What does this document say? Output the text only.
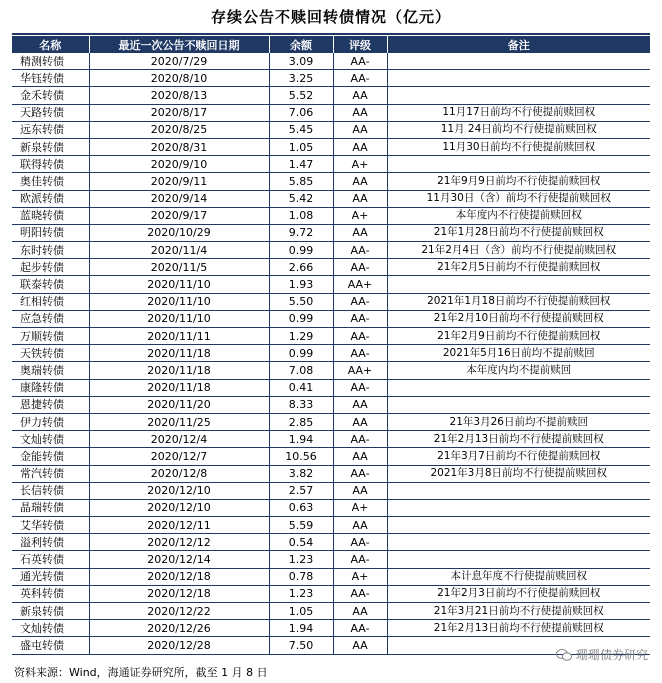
存续公告不赎回转债情况（亿元）
名称	最近一次公告不赎回日期	余额	评级	备注
精测转债	2020/7/29	3.09	AA-	
华钰转债	2020/8/10	3.25	AA-	
金禾转债	2020/8/13	5.52	AA	
天路转债	2020/8/17	7.06	AA	11月17日前均不行使提前赎回权
远东转债	2020/8/25	5.45	AA	11月 24日前均不行使提前赎回权
新泉转债	2020/8/31	1.05	AA	11月30日前均不行使提前赎回权
联得转债	2020/9/10	1.47	A+	
奥佳转债	2020/9/11	5.85	AA	21年9月9日前均不行使提前赎回权
欧派转债	2020/9/14	5.42	AA	11月30日（含）前均不行使提前赎回权
蓝晓转债	2020/9/17	1.08	A+	本年度内不行使提前赎回权
明阳转债	2020/10/29	9.72	AA	21年1月28日前均不行使提前赎回权
东时转债	2020/11/4	0.99	AA-	21年2月4日（含）前均不行使提前赎回权
起步转债	2020/11/5	2.66	AA-	21年2月5日前均不行使提前赎回权
联泰转债	2020/11/10	1.93	AA+	
红相转债	2020/11/10	5.50	AA-	2021年1月18日前均不行使提前赎回权
应急转债	2020/11/10	0.99	AA-	21年2月10日前均不行使提前赎回权
万顺转债	2020/11/11	1.29	AA-	21年2月9日前均不行使提前赎回权
天铁转债	2020/11/18	0.99	AA-	2021年5月16日前均不提前赎回
奥瑞转债	2020/11/18	7.08	AA+	本年度内均不提前赎回
康隆转债	2020/11/18	0.41	AA-	
恩捷转债	2020/11/20	8.33	AA	
伊力转债	2020/11/25	2.85	AA	21年3月26日前均不提前赎回
文灿转债	2020/12/4	1.94	AA-	21年2月13日前均不行使提前赎回权
金能转债	2020/12/7	10.56	AA	21年3月7日前均不行使提前赎回权
常汽转债	2020/12/8	3.82	AA-	2021年3月8日前均不行使提前赎回权
长信转债	2020/12/10	2.57	AA	
晶瑞转债	2020/12/10	0.63	A+	
艾华转债	2020/12/11	5.59	AA	
溢利转债	2020/12/12	0.54	AA-	
石英转债	2020/12/14	1.23	AA-	
通光转债	2020/12/18	0.78	A+	本计息年度不行使提前赎回权
英科转债	2020/12/18	1.23	AA-	21年2月3日前均不行使提前赎回权
新泉转债	2020/12/22	1.05	AA	21年3月21日前均不行使提前赎回权
文灿转债	2020/12/26	1.94	AA-	21年2月13日前均不行使提前赎回权
盛屯转债	2020/12/28	7.50	AA	
珊珊债券研究
资料来源：Wind，海通证券研究所，截至 1 月 8 日
